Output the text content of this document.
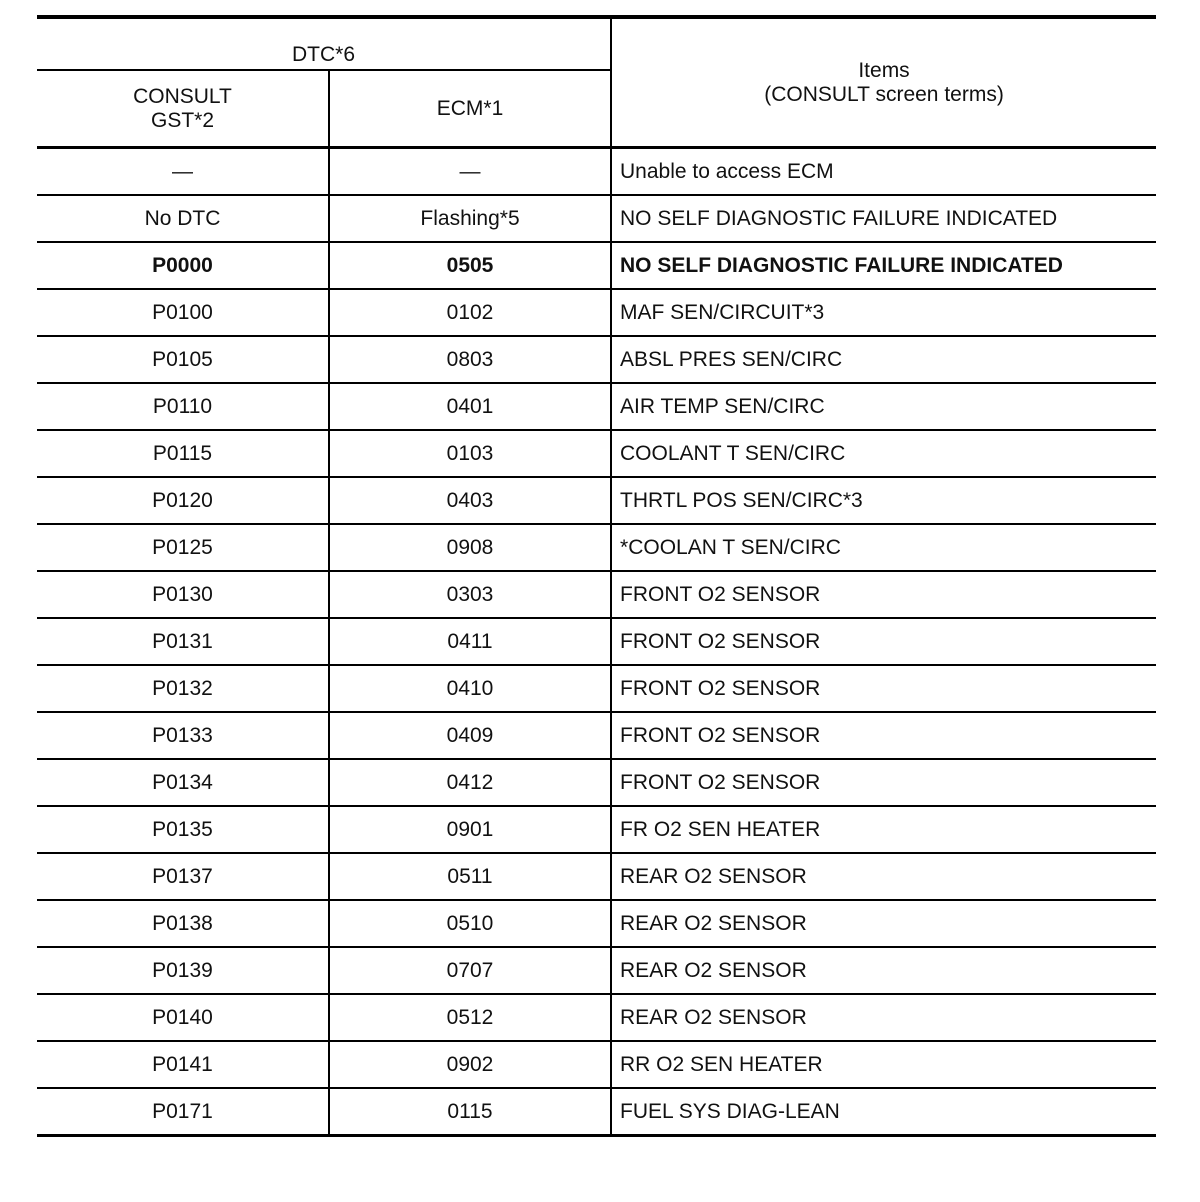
DTC*6		Items
(CONSULT screen terms)

CONSULT
GST*2	ECM*1	
—	—	Unable to access ECM
No DTC	Flashing*5	NO SELF DIAGNOSTIC FAILURE INDICATED
P0000	0505	NO SELF DIAGNOSTIC FAILURE INDICATED
P0100	0102	MAF SEN/CIRCUIT*3
P0105	0803	ABSL PRES SEN/CIRC
P0110	0401	AIR TEMP SEN/CIRC
P0115	0103	COOLANT T SEN/CIRC
P0120	0403	THRTL POS SEN/CIRC*3
P0125	0908	*COOLAN T SEN/CIRC
P0130	0303	FRONT O2 SENSOR
P0131	0411	FRONT O2 SENSOR
P0132	0410	FRONT O2 SENSOR
P0133	0409	FRONT O2 SENSOR
P0134	0412	FRONT O2 SENSOR
P0135	0901	FR O2 SEN HEATER
P0137	0511	REAR O2 SENSOR
P0138	0510	REAR O2 SENSOR
P0139	0707	REAR O2 SENSOR
P0140	0512	REAR O2 SENSOR
P0141	0902	RR O2 SEN HEATER
P0171	0115	FUEL SYS DIAG-LEAN
